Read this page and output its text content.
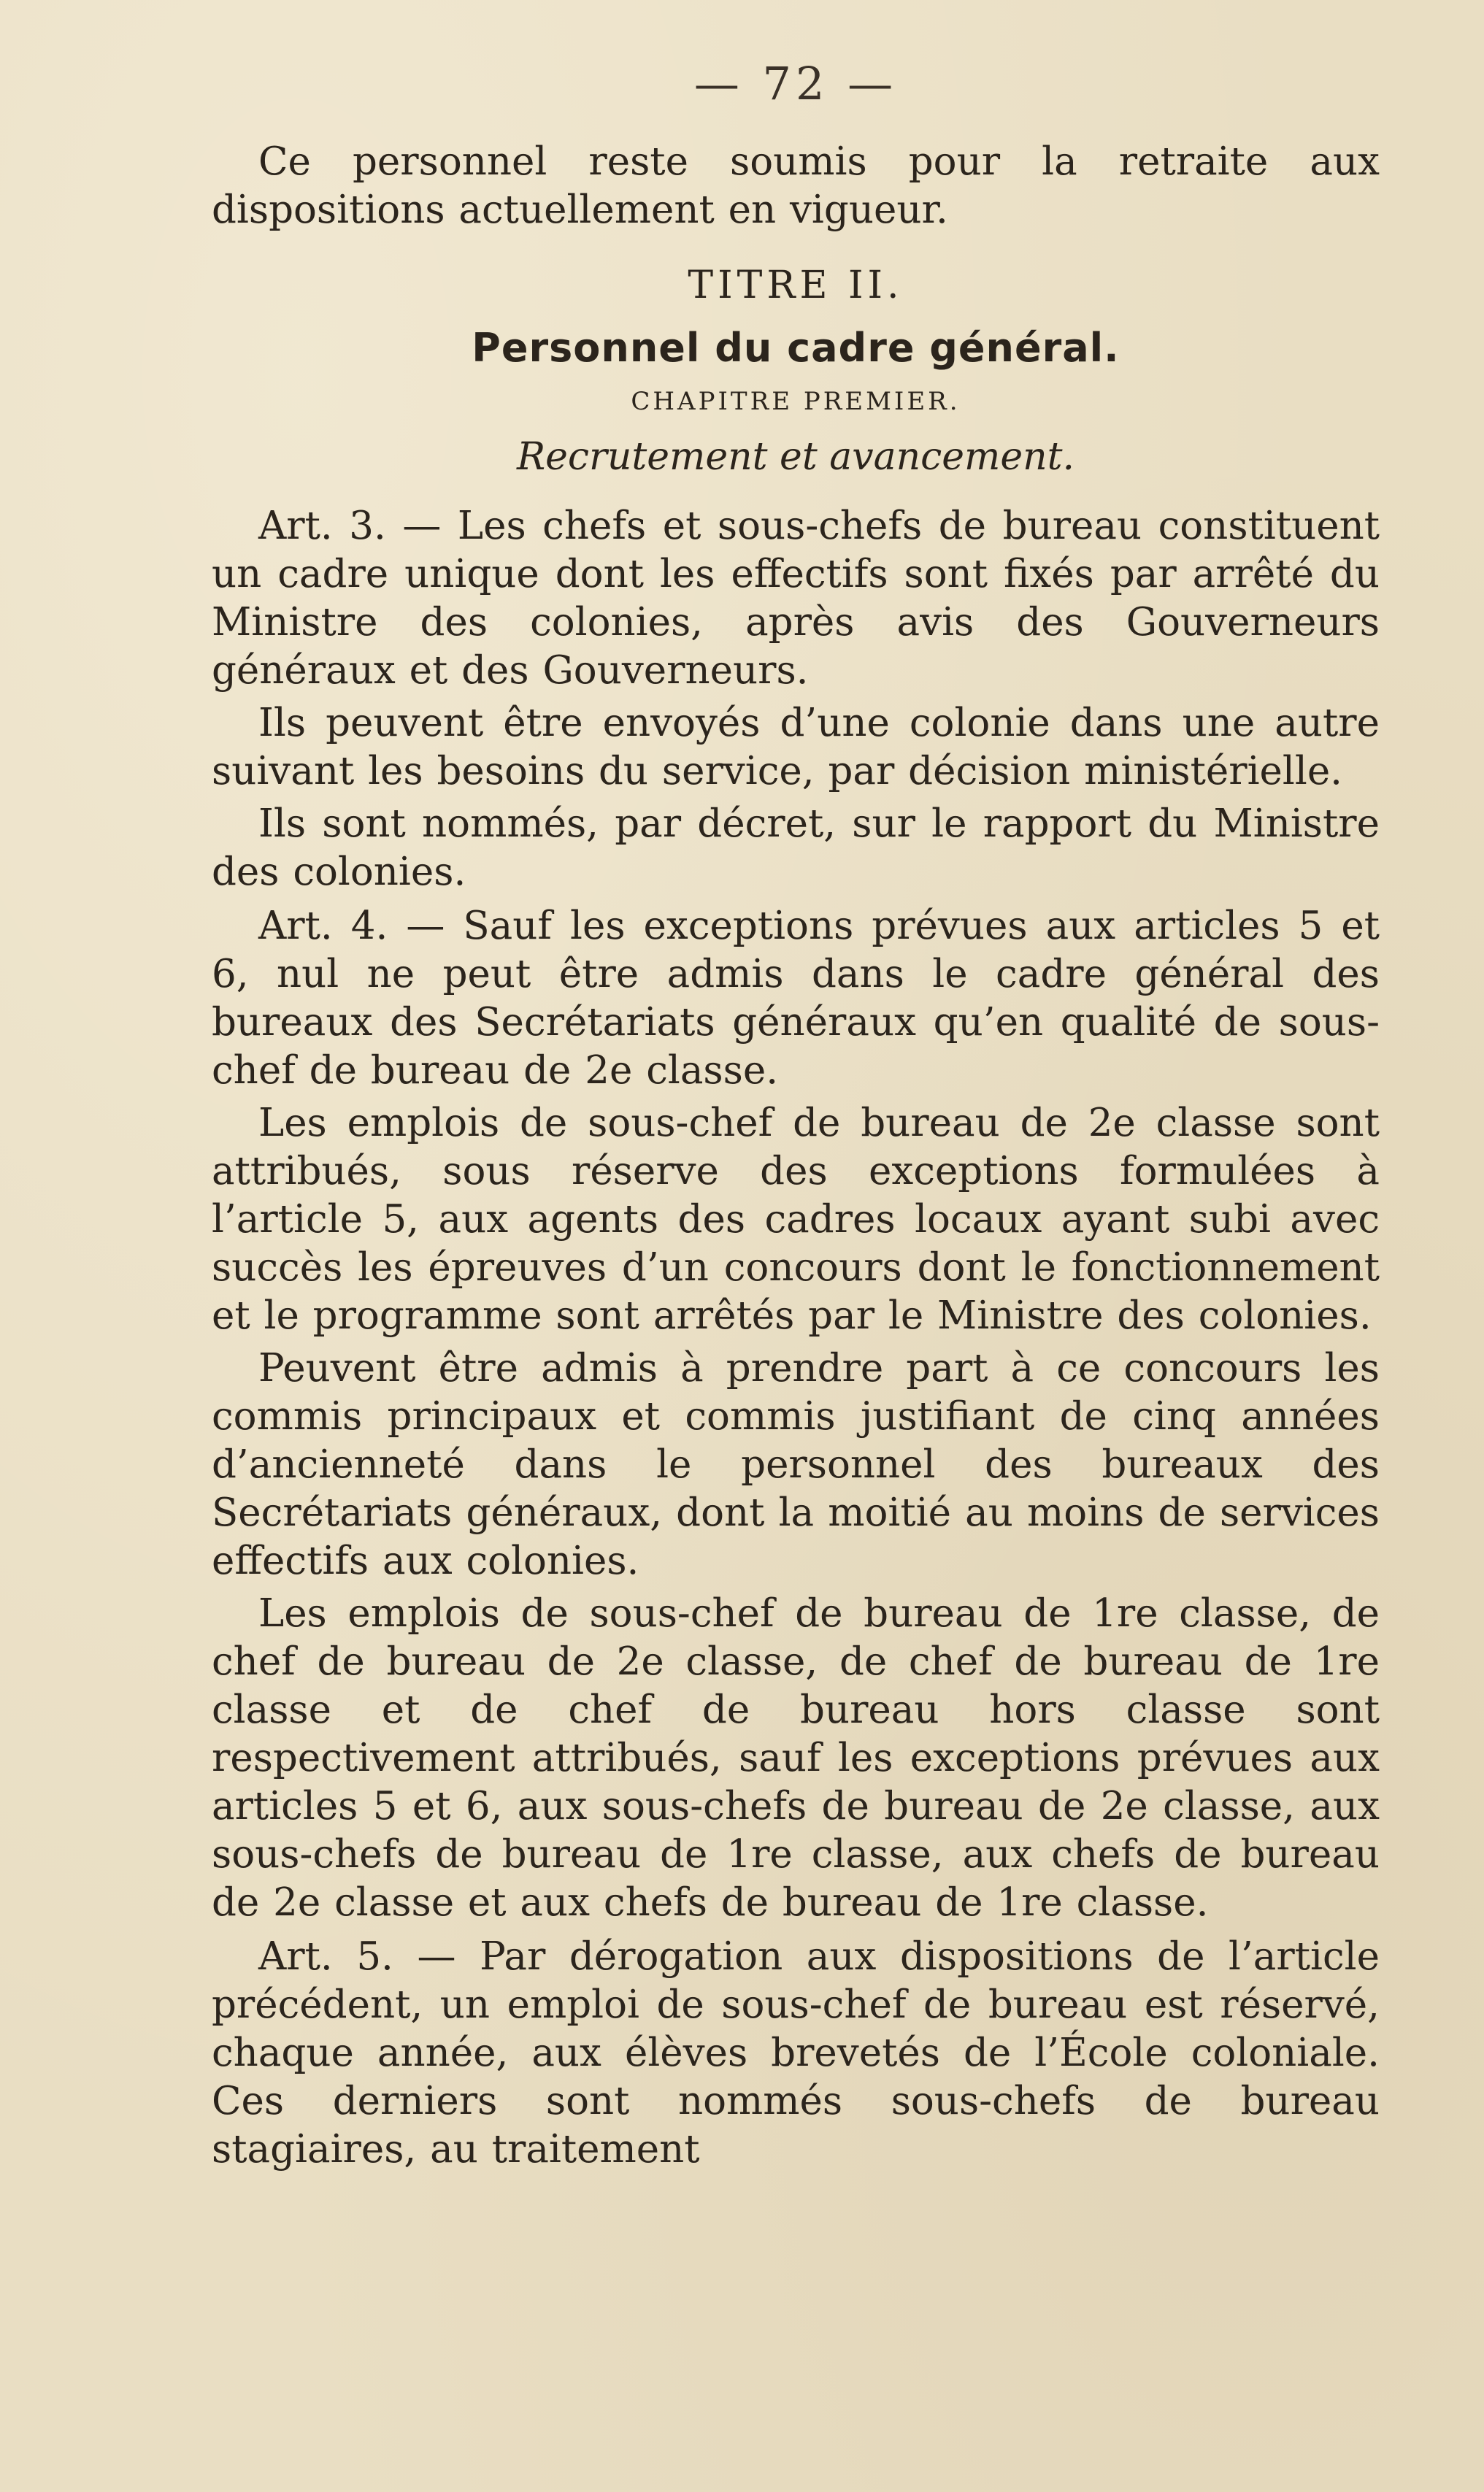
— 72 —

Ce personnel reste soumis pour la retraite aux dispositions actuellement en vigueur.

TITRE II.
Personnel du cadre général.
CHAPITRE PREMIER.
Recrutement et avancement.

Art. 3. — Les chefs et sous-chefs de bureau constituent un cadre unique dont les effectifs sont fixés par arrêté du Ministre des colonies, après avis des Gouverneurs généraux et des Gouverneurs.

Ils peuvent être envoyés d’une colonie dans une autre suivant les besoins du service, par décision ministérielle.

Ils sont nommés, par décret, sur le rapport du Ministre des colonies.

Art. 4. — Sauf les exceptions prévues aux articles 5 et 6, nul ne peut être admis dans le cadre général des bureaux des Secrétariats généraux qu’en qualité de sous-chef de bureau de 2e classe.

Les emplois de sous-chef de bureau de 2e classe sont attribués, sous réserve des exceptions formulées à l’article 5, aux agents des cadres locaux ayant subi avec succès les épreuves d’un concours dont le fonctionnement et le programme sont arrêtés par le Ministre des colonies.

Peuvent être admis à prendre part à ce concours les commis principaux et commis justifiant de cinq années d’ancienneté dans le personnel des bureaux des Secrétariats généraux, dont la moitié au moins de services effectifs aux colonies.

Les emplois de sous-chef de bureau de 1re classe, de chef de bureau de 2e classe, de chef de bureau de 1re classe et de chef de bureau hors classe sont respectivement attribués, sauf les exceptions prévues aux articles 5 et 6, aux sous-chefs de bureau de 2e classe, aux sous-chefs de bureau de 1re classe, aux chefs de bureau de 2e classe et aux chefs de bureau de 1re classe.

Art. 5. — Par dérogation aux dispositions de l’article précédent, un emploi de sous-chef de bureau est réservé, chaque année, aux élèves brevetés de l’École coloniale. Ces derniers sont nommés sous-chefs de bureau stagiaires, au traitement
